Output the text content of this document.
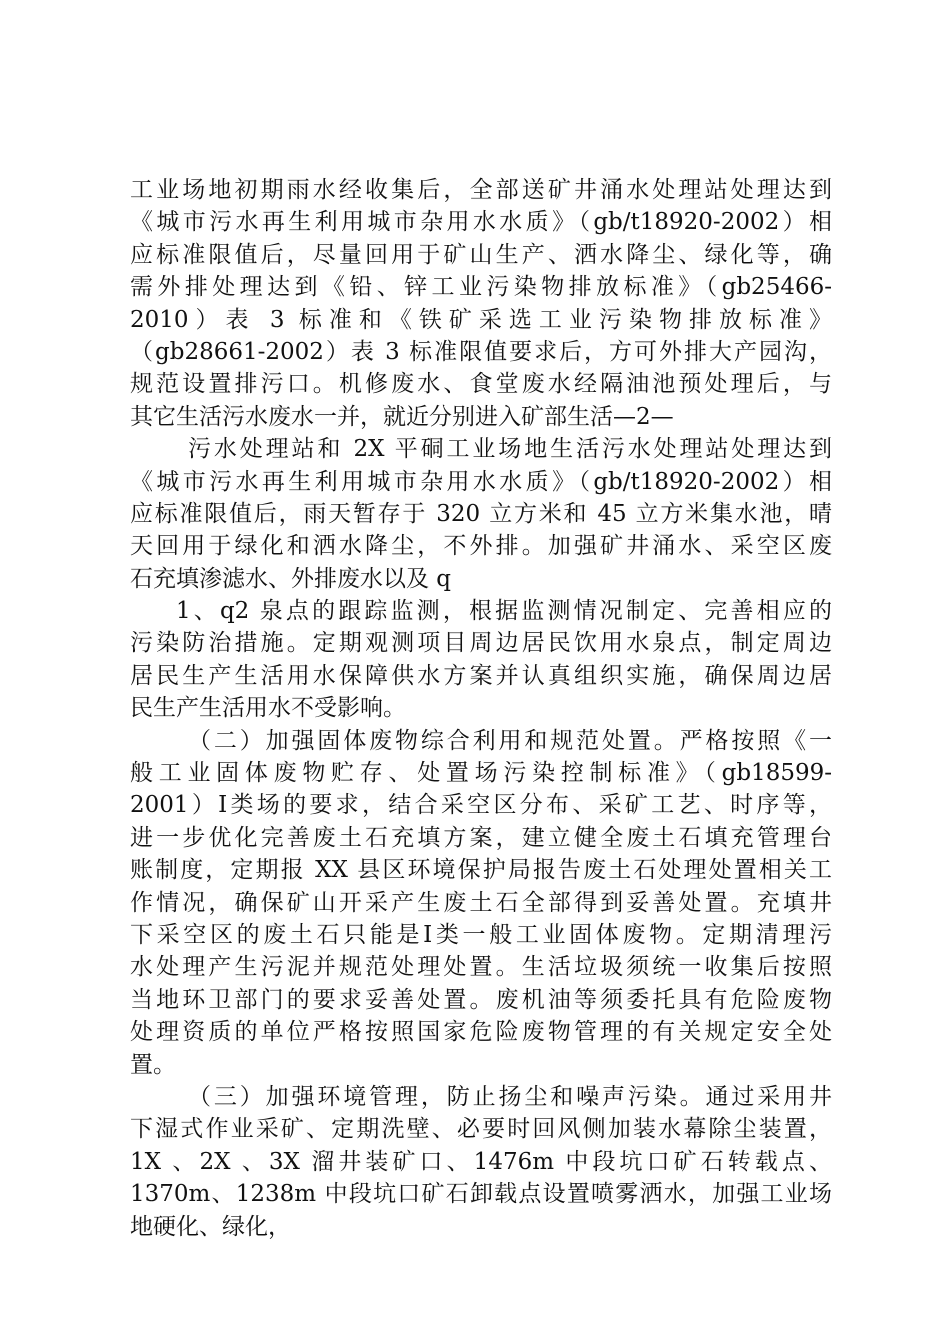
工业场地初期雨水经收集后，全部送矿井涌水处理站处理达到
《城市污水再生利用城市杂用水水质》（gb/t18920-2002）相
应标准限值后，尽量回用于矿山生产、洒水降尘、绿化等，确
需外排处理达到《铅、锌工业污染物排放标准》（gb25466-
2010）表 3 标准和《铁矿采选工业污染物排放标准》
（gb28661-2002）表 3 标准限值要求后，方可外排大产园沟，
规范设置排污口。机修废水、食堂废水经隔油池预处理后，与
其它生活污水废水一并，就近分别进入矿部生活—2—
污水处理站和 2X 平硐工业场地生活污水处理站处理达到
《城市污水再生利用城市杂用水水质》（gb/t18920-2002）相
应标准限值后，雨天暂存于 320 立方米和 45 立方米集水池，晴
天回用于绿化和洒水降尘，不外排。加强矿井涌水、采空区废
石充填渗滤水、外排废水以及 q
1、q2 泉点的跟踪监测，根据监测情况制定、完善相应的
污染防治措施。定期观测项目周边居民饮用水泉点，制定周边
居民生产生活用水保障供水方案并认真组织实施，确保周边居
民生产生活用水不受影响。
（二）加强固体废物综合利用和规范处置。严格按照《一
般工业固体废物贮存、处置场污染控制标准》（gb18599-
2001）Ⅰ类场的要求，结合采空区分布、采矿工艺、时序等，
进一步优化完善废土石充填方案，建立健全废土石填充管理台
账制度，定期报 XX 县区环境保护局报告废土石处理处置相关工
作情况，确保矿山开采产生废土石全部得到妥善处置。充填井
下采空区的废土石只能是Ⅰ类一般工业固体废物。定期清理污
水处理产生污泥并规范处理处置。生活垃圾须统一收集后按照
当地环卫部门的要求妥善处置。废机油等须委托具有危险废物
处理资质的单位严格按照国家危险废物管理的有关规定安全处
置。
（三）加强环境管理，防止扬尘和噪声污染。通过采用井
下湿式作业采矿、定期洗壁、必要时回风侧加装水幕除尘装置，
1X 、2X 、3X 溜井装矿口、1476m 中段坑口矿石转载点、
1370m、1238m 中段坑口矿石卸载点设置喷雾洒水，加强工业场
地硬化、绿化，
